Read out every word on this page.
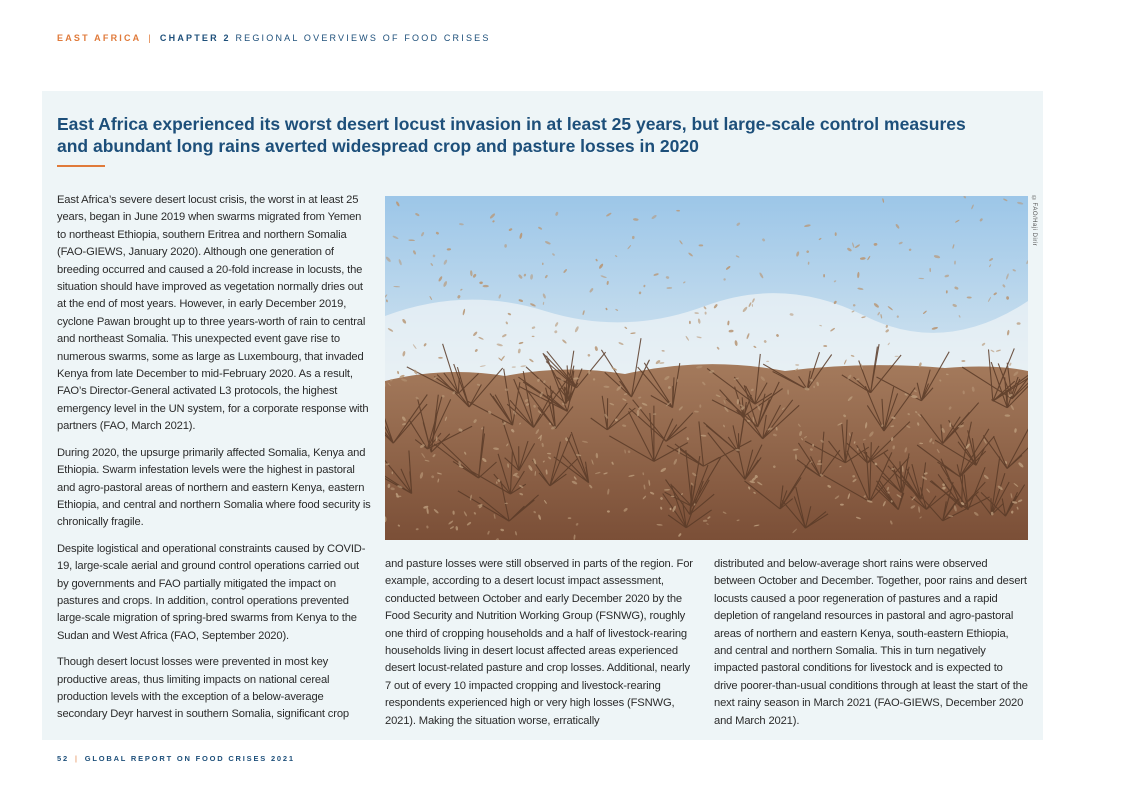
EAST AFRICA | CHAPTER 2 REGIONAL OVERVIEWS OF FOOD CRISES
East Africa experienced its worst desert locust invasion in at least 25 years, but large-scale control measures and abundant long rains averted widespread crop and pasture losses in 2020

East Africa’s severe desert locust crisis, the worst in at least 25 years, began in June 2019 when swarms migrated from Yemen to northeast Ethiopia, southern Eritrea and northern Somalia (FAO-GIEWS, January 2020). Although one generation of breeding occurred and caused a 20-fold increase in locusts, the situation should have improved as vegetation normally dries out at the end of most years. However, in early December 2019, cyclone Pawan brought up to three years-worth of rain to central and northeast Somalia. This unexpected event gave rise to numerous swarms, some as large as Luxembourg, that invaded Kenya from late December to mid-February 2020. As a result, FAO’s Director-General activated L3 protocols, the highest emergency level in the UN system, for a corporate response with partners (FAO, March 2021).

During 2020, the upsurge primarily affected Somalia, Kenya and Ethiopia. Swarm infestation levels were the highest in pastoral and agro-pastoral areas of northern and eastern Kenya, eastern Ethiopia, and central and northern Somalia where food security is chronically fragile.

Despite logistical and operational constraints caused by COVID-19, large-scale aerial and ground control operations carried out by governments and FAO partially mitigated the impact on pastures and crops. In addition, control operations prevented large-scale migration of spring-bred swarms from Kenya to the Sudan and West Africa (FAO, September 2020).

Though desert locust losses were prevented in most key productive areas, thus limiting impacts on national cereal production levels with the exception of a below-average secondary Deyr harvest in southern Somalia, significant crop

©FAO/Haji Dirir

and pasture losses were still observed in parts of the region. For example, according to a desert locust impact assessment, conducted between October and early December 2020 by the Food Security and Nutrition Working Group (FSNWG), roughly one third of cropping households and a half of livestock-rearing households living in desert locust affected areas experienced desert locust-related pasture and crop losses. Additional, nearly 7 out of every 10 impacted cropping and livestock-rearing respondents experienced high or very high losses (FSNWG, 2021). Making the situation worse, erratically

distributed and below-average short rains were observed between October and December. Together, poor rains and desert locusts caused a poor regeneration of pastures and a rapid depletion of rangeland resources in pastoral and agro-pastoral areas of northern and eastern Kenya, south-eastern Ethiopia, and central and northern Somalia. This in turn negatively impacted pastoral conditions for livestock and is expected to drive poorer-than-usual conditions through at least the start of the next rainy season in March 2021 (FAO-GIEWS, December 2020 and March 2021).

52 | GLOBAL REPORT ON FOOD CRISES 2021
